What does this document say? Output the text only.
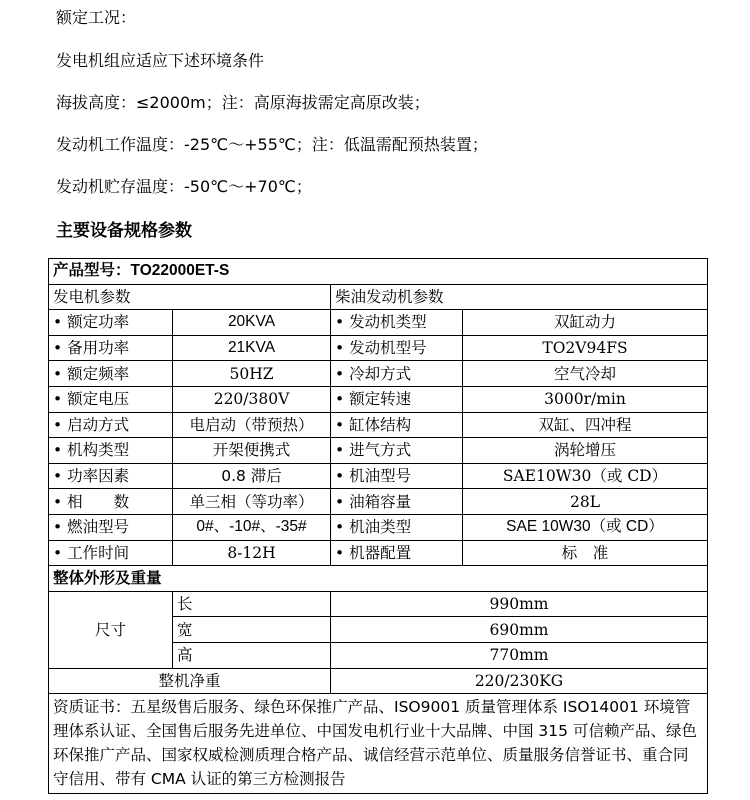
额定工况：
发电机组应适应下述环境条件
海拔高度：≤2000m；注：高原海拔需定高原改装；
发动机工作温度：-25℃～+55℃；注：低温需配预热装置；
发动机贮存温度：-50℃～+70℃；
主要设备规格参数
产品型号：TO22000ET-S			
发电机参数		柴油发动机参数	
• 额定功率	20KVA	• 发动机类型	双缸动力
• 备用功率	21KVA	• 发动机型号	TO2V94FS
• 额定频率	50HZ	• 冷却方式	空气冷却
• 额定电压	220/380V	• 额定转速	3000r/min
• 启动方式	电启动（带预热）	• 缸体结构	双缸、四冲程
• 机构类型	开架便携式	• 进气方式	涡轮增压
• 功率因素	0.8 滞后	• 机油型号	SAE10W30（或 CD）
• 相　　数	单三相（等功率）	• 油箱容量	28L
• 燃油型号	0#、-10#、-35#	• 机油类型	SAE 10W30（或 CD）
• 工作时间	8-12H	• 机器配置	标　准
整体外形及重量			
尺寸	长	990mm	
	宽	690mm	
	高	770mm	
整机净重		220/230KG	
资质证书：五星级售后服务、绿色环保推广产品、ISO9001 质量管理体系 ISO14001 环境管理体系认证、全国售后服务先进单位、中国发电机行业十大品牌、中国 315 可信赖产品、绿色环保推广产品、国家权威检测质理合格产品、诚信经营示范单位、质量服务信誉证书、重合同守信用、带有 CMA 认证的第三方检测报告			
